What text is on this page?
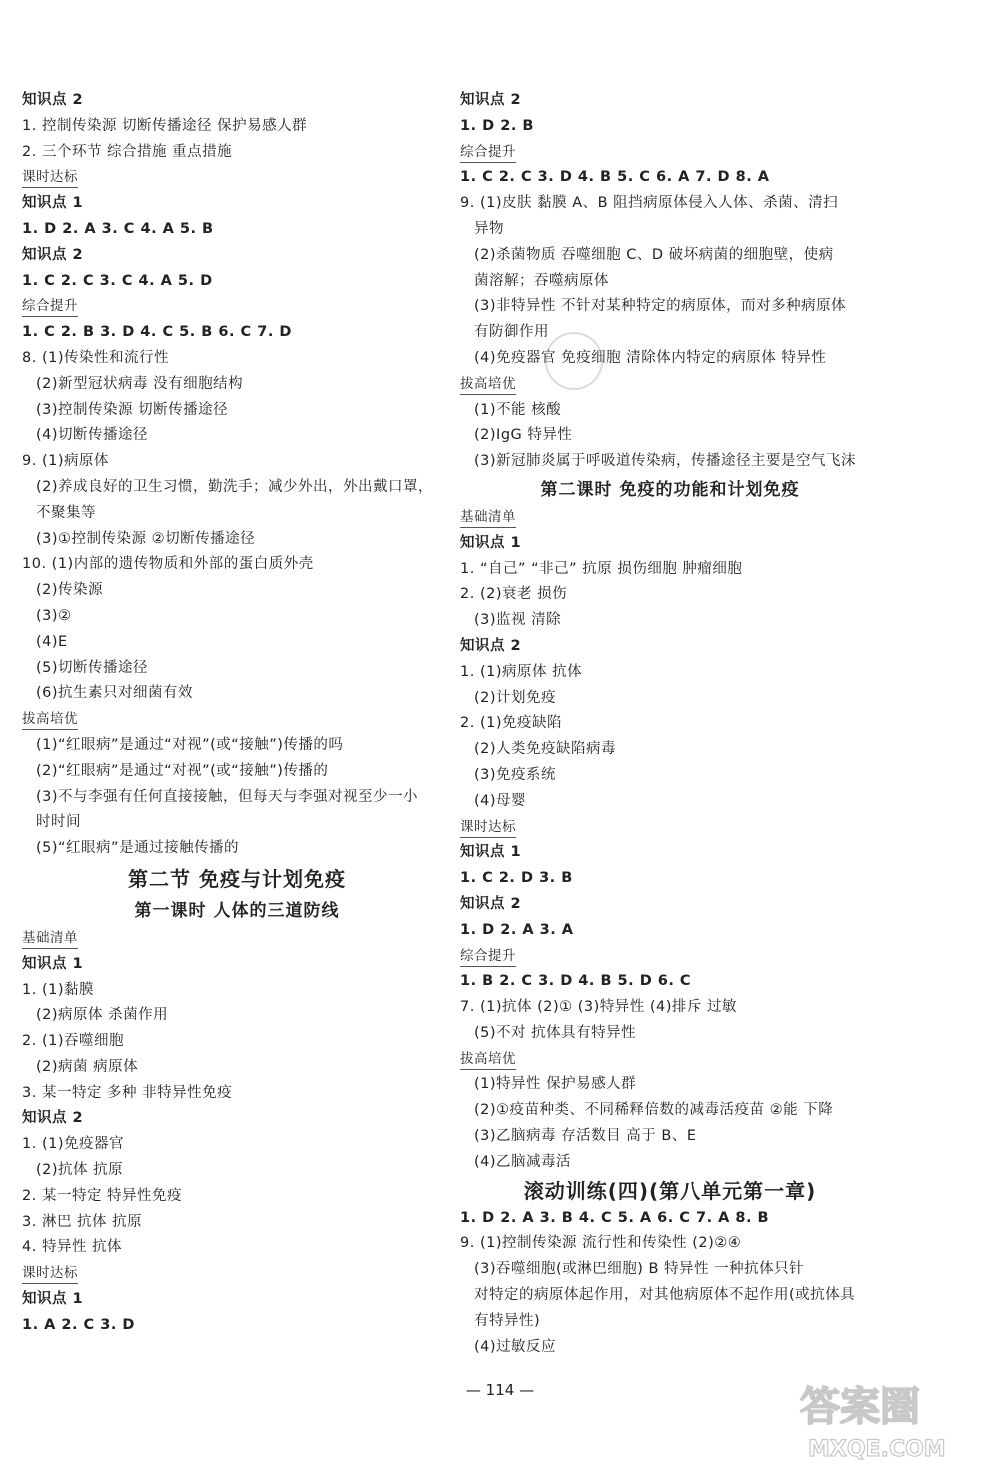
知识点 2
1. 控制传染源 切断传播途径 保护易感人群
2. 三个环节 综合措施 重点措施
课时达标
知识点 1
1. D 2. A 3. C 4. A 5. B
知识点 2
1. C 2. C 3. C 4. A 5. D
综合提升
1. C 2. B 3. D 4. C 5. B 6. C 7. D
8. (1)传染性和流行性
(2)新型冠状病毒 没有细胞结构
(3)控制传染源 切断传播途径
(4)切断传播途径
9. (1)病原体
(2)养成良好的卫生习惯，勤洗手；减少外出，外出戴口罩，
不聚集等
(3)①控制传染源 ②切断传播途径
10. (1)内部的遗传物质和外部的蛋白质外壳
(2)传染源
(3)②
(4)E
(5)切断传播途径
(6)抗生素只对细菌有效
拔高培优
(1)“红眼病”是通过“对视”(或“接触”)传播的吗
(2)“红眼病”是通过“对视”(或“接触”)传播的
(3)不与李强有任何直接接触，但每天与李强对视至少一小
时时间
(5)“红眼病”是通过接触传播的
第二节 免疫与计划免疫
第一课时 人体的三道防线
基础清单
知识点 1
1. (1)黏膜
(2)病原体 杀菌作用
2. (1)吞噬细胞
(2)病菌 病原体
3. 某一特定 多种 非特异性免疫
知识点 2
1. (1)免疫器官
(2)抗体 抗原
2. 某一特定 特异性免疫
3. 淋巴 抗体 抗原
4. 特异性 抗体
课时达标
知识点 1
1. A 2. C 3. D
知识点 2
1. D 2. B
综合提升
1. C 2. C 3. D 4. B 5. C 6. A 7. D 8. A
9. (1)皮肤 黏膜 A、B 阻挡病原体侵入人体、杀菌、清扫
异物
(2)杀菌物质 吞噬细胞 C、D 破坏病菌的细胞壁，使病
菌溶解；吞噬病原体
(3)非特异性 不针对某种特定的病原体，而对多种病原体
有防御作用
(4)免疫器官 免疫细胞 清除体内特定的病原体 特异性
拔高培优
(1)不能 核酸
(2)IgG 特异性
(3)新冠肺炎属于呼吸道传染病，传播途径主要是空气飞沫
第二课时 免疫的功能和计划免疫
基础清单
知识点 1
1. “自己” “非己” 抗原 损伤细胞 肿瘤细胞
2. (2)衰老 损伤
(3)监视 清除
知识点 2
1. (1)病原体 抗体
(2)计划免疫
2. (1)免疫缺陷
(2)人类免疫缺陷病毒
(3)免疫系统
(4)母婴
课时达标
知识点 1
1. C 2. D 3. B
知识点 2
1. D 2. A 3. A
综合提升
1. B 2. C 3. D 4. B 5. D 6. C
7. (1)抗体 (2)① (3)特异性 (4)排斥 过敏
(5)不对 抗体具有特异性
拔高培优
(1)特异性 保护易感人群
(2)①疫苗种类、不同稀释倍数的减毒活疫苗 ②能 下降
(3)乙脑病毒 存活数目 高于 B、E
(4)乙脑减毒活
滚动训练(四)(第八单元第一章)
1. D 2. A 3. B 4. C 5. A 6. C 7. A 8. B
9. (1)控制传染源 流行性和传染性 (2)②④
(3)吞噬细胞(或淋巴细胞) B 特异性 一种抗体只针
对特定的病原体起作用，对其他病原体不起作用(或抗体具
有特异性)
(4)过敏反应
— 114 —	答案圈
MXQE.COM
